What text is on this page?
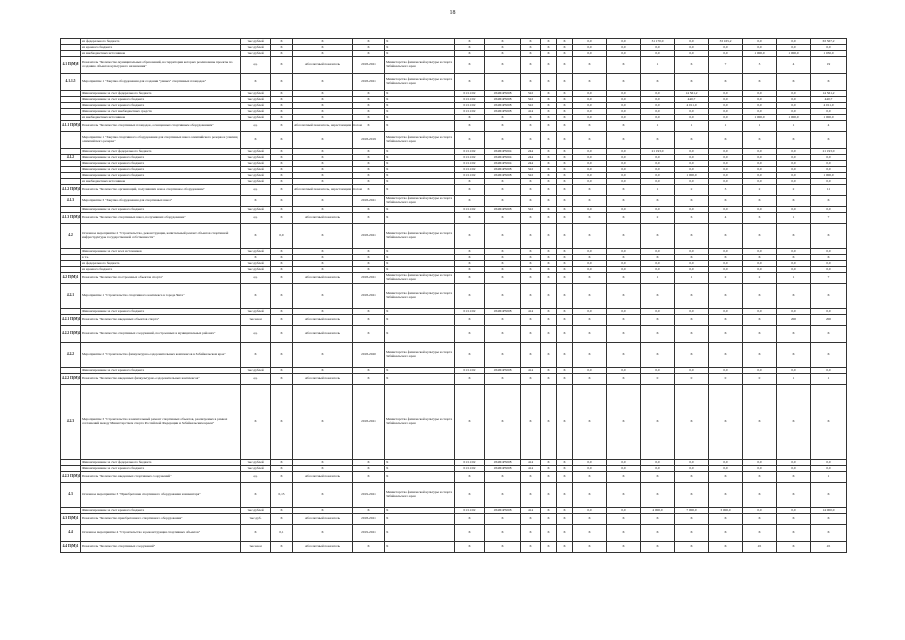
18
	из федерального бюджета	тыс.рублей	X	X	X	X	X	X	X	X	X	0,0	0,0	31 170,0	0,0	33 165,2	0,0	0,0	63 567,2
	из краевого бюджета	тыс.рублей	X	X	X	X	X	X	X	X	X	0,0	0,0	0,0	0,0	0,0	0,0	0,0	0,0
	из внебюджетных источников	тыс.рублей	X	X	X	X	X	X	X	X	X	0,0	0,0	0,0	0,0	0,0	1 000,0	1 000,0	1 030,0
4.1 П(М)8	Показатель "Количество муниципальных образований, на территории которых реализованы проекты по созданию объектов культурного назначения"	ед.	X	Абсолютный показатель	2018-2021	Министерство физической культуры и спорта Забайкальского края	X	X	X	X	X	X	X	1	6	7	3	4	19
4.1.1.5	Мероприятие 1 "Закупка оборудования для создания "умных" спортивных площадок"	X	X	X	2018-2021	Министерство физической культуры и спорта Забайкальского края	X	X	X	X	X	X	X	X	X	X	X	X	X
	Финансирование за счет федерального бюджета	тыс.рублей	X	X	X	X	01/11/02	184П1Р5008	522	X	X	0,0	0,0	0,0	14 561,2	0,0	0,0	0,0	14 561,2
	Финансирование за счет краевого бюджета	тыс.рублей	X	X	X	X	01/11/02	184П1Р5008	522	X	X	0,0	0,0	0,0	440,7	0,0	0,0	0,0	440,7
	Финансирование за счет краевого бюджета	тыс.рублей	X	X	X	X	01/11/02	184П1Р5008	522	X	X	0,0	0,0	0,0	4 011,0	0,0	0,0	0,0	4 011,0
	Финансирование за счет внебюджетных средств	тыс.рублей	X	X	X	X	01/11/02	184П1Р5008	414	X	X	0,0	0,0	0,0	0,0	0,0	0,0	0,0	0,0
	из внебюджетных источников	тыс.рублей	X	X	X	X	X	X	X	X	X	0,0	0,0	0,0	0,0	0,0	1 000,0	1 000,0	1 000,0
4.1.1 П(М)1	Показатель "Количество спортивных площадок, оснащенных спортивным оборудованием"	ед.	X	Абсолютный показатель, нарастающим итогом	X	X	X	X	X	X	X	X	X	1	1	1	1	1	4
	Мероприятие 1 "Закупка спортивного оборудования для спортивных школ олимпийского резерва и училищ олимпийского резерва"	X	X	X	2018-2019	Министерство физической культуры и спорта Забайкальского края	X	X	X	X	X	X	X	X	X	X	X	X	X
	Финансирование за счет федерального бюджета	тыс.рублей	X	X	X	X	01/11/02	184П1Р5004	244	X	X	0,0	0,0	21 193,0	0,0	0,0	0,0	0,0	21 193,0
4.1.2	Финансирование за счет краевого бюджета	тыс.рублей	X	X	X	X	01/11/02	184П1Р5004	244	X	X	0,0	0,0	0,0	0,0	0,0	0,0	0,0	0,0
	Финансирование за счет краевого бюджета	тыс.рублей	X	X	X	X	01/11/02	184П1Р5004	244	X	X	0,0	0,0	0,0	0,0	0,0	0,0	0,0	0,0
	Финансирование за счет краевого бюджета	тыс.рублей	X	X	X	X	01/11/02	184П1Р5008	522	X	X	0,0	0,0	0,0	0,0	0,0	0,0	0,0	0,0
	Финансирование за счет краевого бюджета	тыс.рублей	X	X	X	X	01/11/02	184П1Р5008	522	X	X	0,0	0,0	0,0	1 000,0	0,0	0,0	0,0	1 000,0
	из внебюджетных источников	тыс.рублей	X	X	X	X	X	X	X	X	X	0,0	0,0	0,0	0,0	0,0	0,0	0,0	0,0
4.1.2 П(М)1	Показатель "Количество организаций, получивших новое спортивное оборудование"	ед.	X	Абсолютный показатель, нарастающим итогом	X	X	X	X	X	X	X	X	X	1	2	3	2	2	11
4.1.3	Мероприятие 3 "Закупка оборудования для спортивных школ"	X	X	X	2018-2021	Министерство физической культуры и спорта Забайкальского края	X	X	X	X	X	X	X	X	X	X	X	X	X
	Финансирование за счет краевого бюджета	тыс.рублей	X	X	X	X	01/11/02	184П1Р5008	522	X	X	0,0	0,0	0,0	0,0	0,0	0,0	0,0	0,0
4.1.3 П(М)1	Показатель "Количество спортивных школ, получивших оборудование"	ед.	X	Абсолютный показатель	X	X	X	X	X	X	X	X	X	2	6	4	6	1	7
4.2	Основное мероприятие 2 "Строительство, реконструкция, капитальный ремонт объектов спортивной инфраструктуры государственной собственности"	X	0,0	X	2018-2021	Министерство физической культуры и спорта Забайкальского края	X	X	X	X	X	X	X	X	X	X	X	X	X
	Финансирование за счет всех источников	тыс.рублей	X	X	X	X	X	X	X	X	X	0,0	0,0	0,0	0,0	0,0	0,0	0,0	0,0
	в т.ч.	X	X	X	X	X	X	X	X	X	X	X	X	X	X	X	X	X	X
	из федерального бюджета	тыс.рублей	X	X	X	X	X	X	X	X	X	0,0	0,0	0,0	0,0	0,0	0,0	0,0	0,0
	из краевого бюджета	тыс.рублей	X	X	X	X	X	X	X	X	X	0,0	0,0	0,0	0,0	0,0	0,0	0,0	0,0
4.2 П(М)1	Показатель "Количество построенных объектов спорта"	ед.	X	Абсолютный показатель	2018-2021	Министерство физической культуры и спорта Забайкальского края	X	X	X	X	X	X	X	1	1	2	2	1	7
4.2.1	Мероприятие 1 "Строительство спортивного комплекса в городе Чите"	X	X	X	2018-2021	Министерство физической культуры и спорта Забайкальского края	X	X	X	X	X	X	X	X	X	X	X	X	X
	Финансирование за счет краевого бюджета	тыс.рублей	X	X	X	X	01/11/02	184П1Р5008	414	X	X	0,0	0,0	0,0	0,0	0,0	0,0	0,0	0,0
4.2.1 П(М)1	Показатель "Количество введенных объектов спорта"	тыс.кв.м	X	Абсолютный показатель	X	X	X	X	X	X	X	X	X	X	X	X	X	200	200
4.2.2 П(М)2	Показатель "Количество спортивных сооружений, построенных в муниципальных районах"	ед.	X	Абсолютный показатель	X	X	X	X	X	X	X	X	X	X	X	X	X	X	X
4.2.2	Мероприятие 2 "Строительство физкультурно-оздоровительных комплексов в Забайкальском крае"	X	X	X	2018-2020	Министерство физической культуры и спорта Забайкальского края	X	X	X	X	X	X	X	X	X	X	X	X	X
	Финансирование за счет краевого бюджета	тыс.рублей	X	X	X	X	01/11/02	184П1Р5008	414	X	X	0,0	0,0	0,0	0,0	0,0	0,0	0,0	0,0
4.2.2 П(М)1	Показатель "Количество введенных физкультурно-оздоровительных комплексов"	ед.	X	Абсолютный показатель	X	X	X	X	X	X	X	X	X	0	0	0	0	1	1
4.2.3	Мероприятие 3 "Строительство и капитальный ремонт спортивных объектов, реализуемых в рамках соглашений между Министерством спорта Российской Федерации и Забайкальским краем"	X	X	X	2018-2021	Министерство физической культуры и спорта Забайкальского края	X	X	X	X	X	X	X	X	X	X	X	X	X
	Финансирование за счет федерального бюджета	тыс.рублей	X	X	X	X	01/11/02	184П1Р5008	414	X	X	0,0	0,0	0,0	0,0	0,0	0,0	0,0	0,0
	Финансирование за счет краевого бюджета	тыс.рублей	X	X	X	X	01/11/02	184П1Р5008	414	X	X	0,0	0,0	0,0	0,0	0,0	0,0	0,0	0,0
4.2.3 П(М)1	Показатель "Количество введенных спортивных сооружений"	ед.	X	Абсолютный показатель	X	X	X	X	X	X	X	X	X	X	X	X	X	X	1
4.3	Основное мероприятие 3 "Приобретение спортивного оборудования и инвентаря"	X	0,15	X	2019-2021	Министерство физической культуры и спорта Забайкальского края	X	X	X	X	X	X	X	X	X	X	X	X	X
	Финансирование за счет краевого бюджета	тыс.рублей	X	X	X	X	01/11/02	184П1Р5008	414	X	X	0,0	0,0	4 000,0	7 000,0	3 000,0	0,0	0,0	14 000,0
4.3 П(М)1	Показатель "Количество приобретенного спортивного оборудования"	тыс.руб.	X	Абсолютный показатель	2018-2021	X	X	X	X	X	X	X	X	X	X	X	X	X	X
4.4	Основное мероприятие 4 "Строительство и реконструкция спортивных объектов"	X	0,1	X	2019-2021	X	X	X	X	X	X	X	X	X	X	X	X	X	X
4.4 П(М)1	Показатель "Количество спортивных сооружений"	тыс.кв.м	X	Абсолютный показатель	X	X	X	X	X	X	X	X	X	X	X	X	45	X	45
